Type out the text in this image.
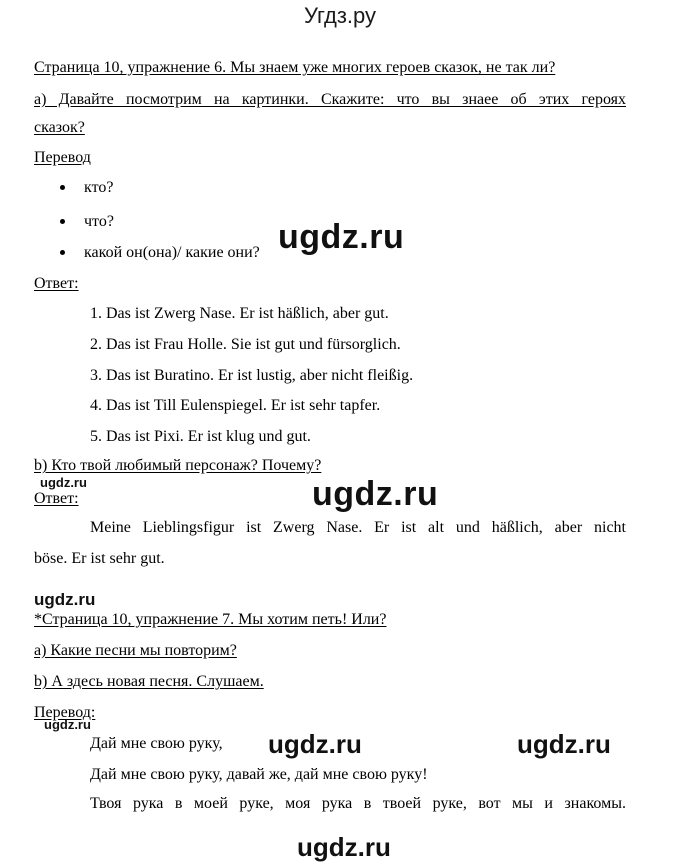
Угдз.ру
Страница 10, упражнение 6. Мы знаем уже многих героев сказок, не так ли?
а) Давайте посмотрим на картинки. Скажите: что вы знаее об этих героях
сказок?
Перевод
кто?
что?
какой он(она)/ какие они?
Ответ:
1. Das ist Zwerg Nase. Er ist häßlich, aber gut.
2. Das ist Frau Holle. Sie ist gut und fürsorglich.
3. Das ist Buratino. Er ist lustig, aber nicht fleißig.
4. Das ist Till Eulenspiegel. Er ist sehr tapfer.
5. Das ist Pixi. Er ist klug und gut.
b) Кто твой любимый персонаж? Почему?
Ответ:
Meine Lieblingsfigur ist Zwerg Nase. Er ist alt und häßlich, aber nicht
böse. Er ist sehr gut.
*Страница 10, упражнение 7. Мы хотим петь! Или?
а) Какие песни мы повторим?
b) А здесь новая песня. Слушаем.
Перевод:
Дай мне свою руку,
Дай мне свою руку, давай же, дай мне свою руку!
Твоя рука в моей руке, моя рука в твоей руке, вот мы и знакомы.
ugdz.ru
ugdz.ru
ugdz.ru
ugdz.ru
ugdz.ru
ugdz.ru	ugdz.ru
ugdz.ru
